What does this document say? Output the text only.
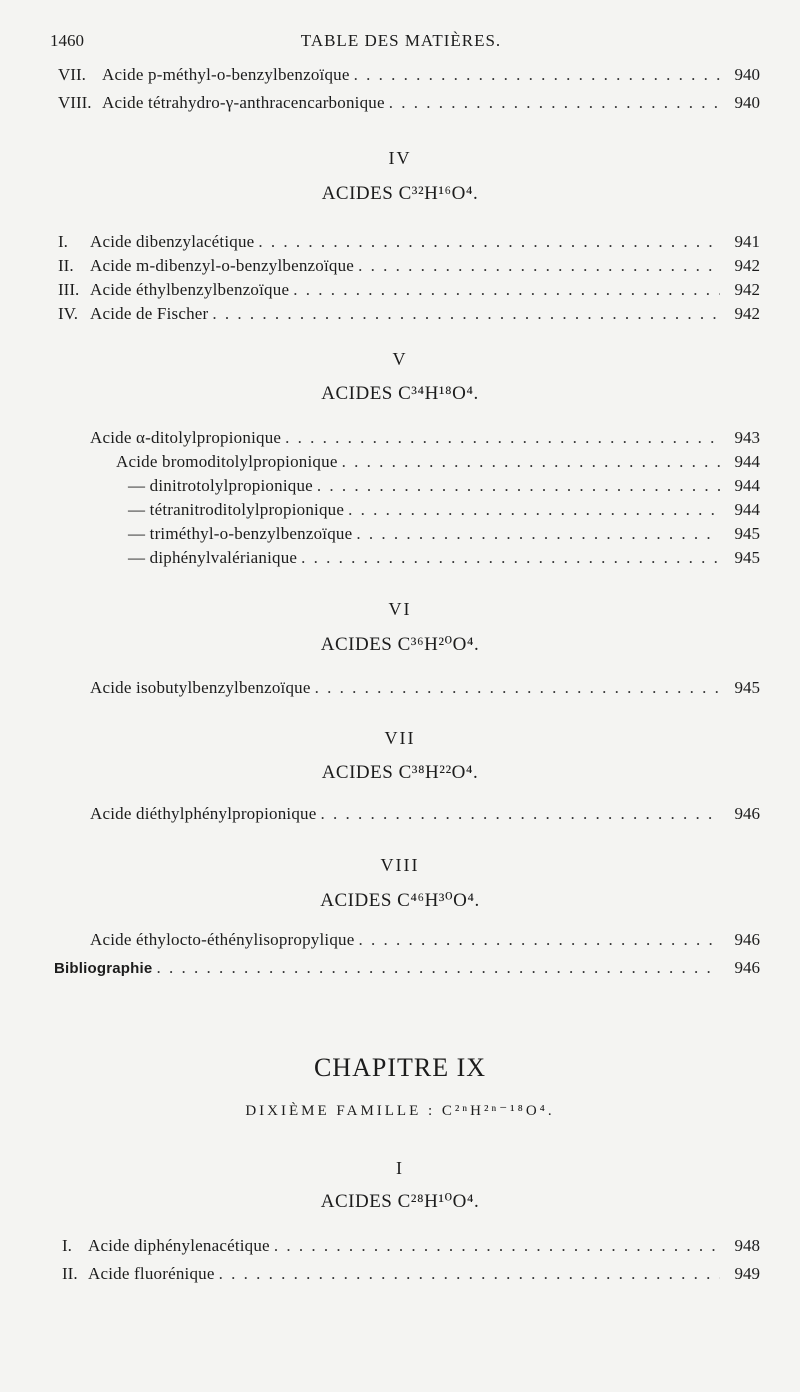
1460	TABLE DES MATIÈRES.
VII. Acide p-méthyl-o-benzylbenzoïque . . .	940
VIII. Acide tétrahydro-γ-anthracencarbonique . . .	940
IV
ACIDES C³²H¹⁶O⁴.
I.	Acide dibenzylacétique . . .	941
II. Acide m-dibenzyl-o-benzylbenzoïque . . .	942
III. Acide éthylbenzylbenzoïque . . .	942
IV. Acide de Fischer . . .	942
V
ACIDES C³⁴H¹⁸O⁴.
Acide α-ditolylpropionique . . .	943
Acide bromoditolylpropionique . . .	944
— dinitrotolylpropionique . . .	944
— tétranitroditolylpropionique . . .	944
— triméthyl-o-benzylbenzoïque . . .	945
— diphénylvalérianique . . .	945
VI
ACIDES C³⁶H²⁰O⁴.
Acide isobutylbenzylbenzoïque . . .	945
VII
ACIDES C³⁸H²²O⁴.
Acide diéthylphénylpropionique . . .	946
VIII
ACIDES C⁴⁶H³⁰O⁴.
Acide éthylocto-éthénylisopropylique . . .	946
Bibliographie . . .	946
CHAPITRE IX
DIXIÈME FAMILLE : C²ⁿH²ⁿ⁻¹⁸O⁴.
I
ACIDES C²⁸H¹⁰O⁴.
I. Acide diphénylenacétique . . .	948
II. Acide fluorénique . . .	949
